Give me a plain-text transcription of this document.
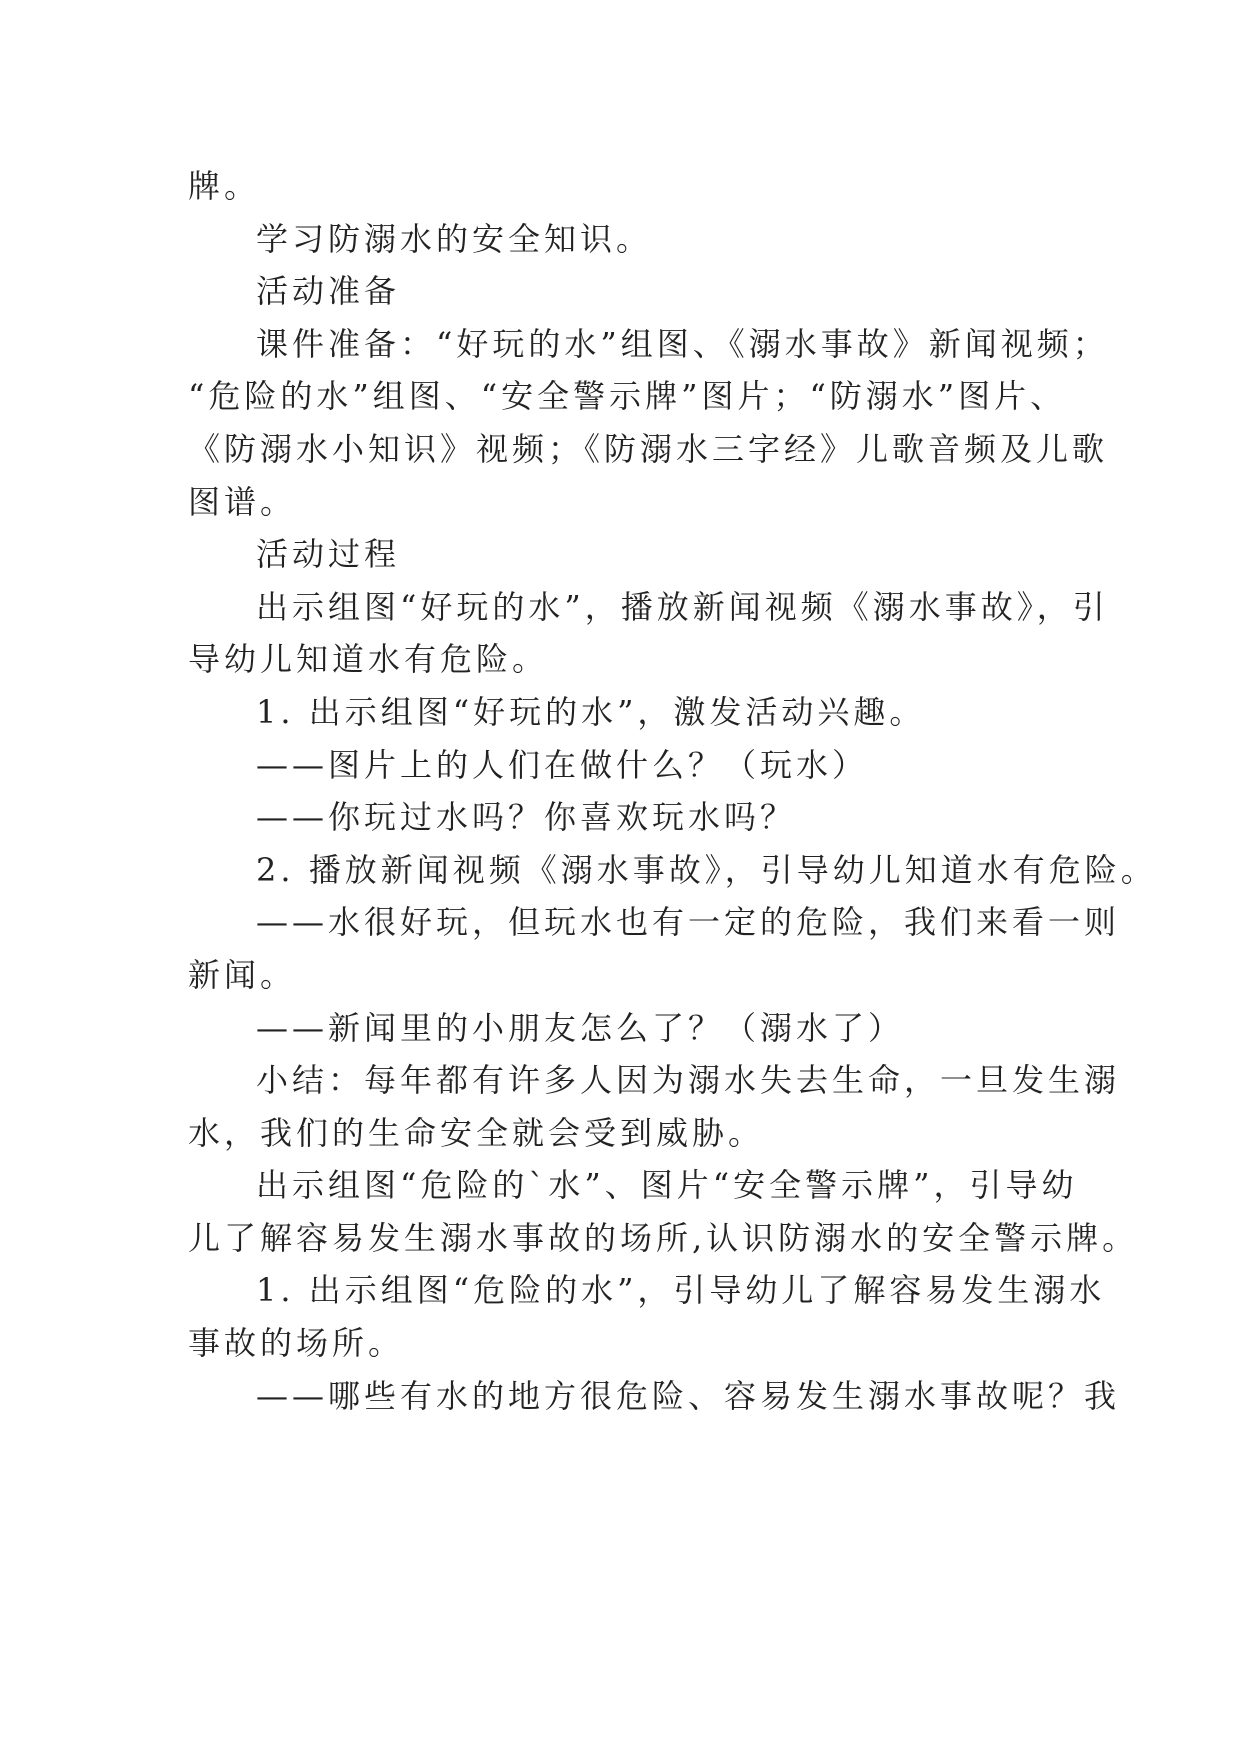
牌。
学习防溺水的安全知识。
活动准备
课件准备：“好玩的水”组图、《溺水事故》新闻视频；
“危险的水”组图、“安全警示牌”图片；“防溺水”图片、
《防溺水小知识》视频；《防溺水三字经》儿歌音频及儿歌
图谱。
活动过程
出示组图“好玩的水”，播放新闻视频《溺水事故》，引
导幼儿知道水有危险。
1. 出示组图“好玩的水”，激发活动兴趣。
——图片上的人们在做什么？（玩水）
——你玩过水吗？你喜欢玩水吗？
2. 播放新闻视频《溺水事故》，引导幼儿知道水有危险。
——水很好玩，但玩水也有一定的危险，我们来看一则
新闻。
——新闻里的小朋友怎么了？（溺水了）
小结：每年都有许多人因为溺水失去生命，一旦发生溺
水，我们的生命安全就会受到威胁。
出示组图“危险的`水”、图片“安全警示牌”，引导幼
儿了解容易发生溺水事故的场所,认识防溺水的安全警示牌。
1. 出示组图“危险的水”，引导幼儿了解容易发生溺水
事故的场所。
——哪些有水的地方很危险、容易发生溺水事故呢？我
